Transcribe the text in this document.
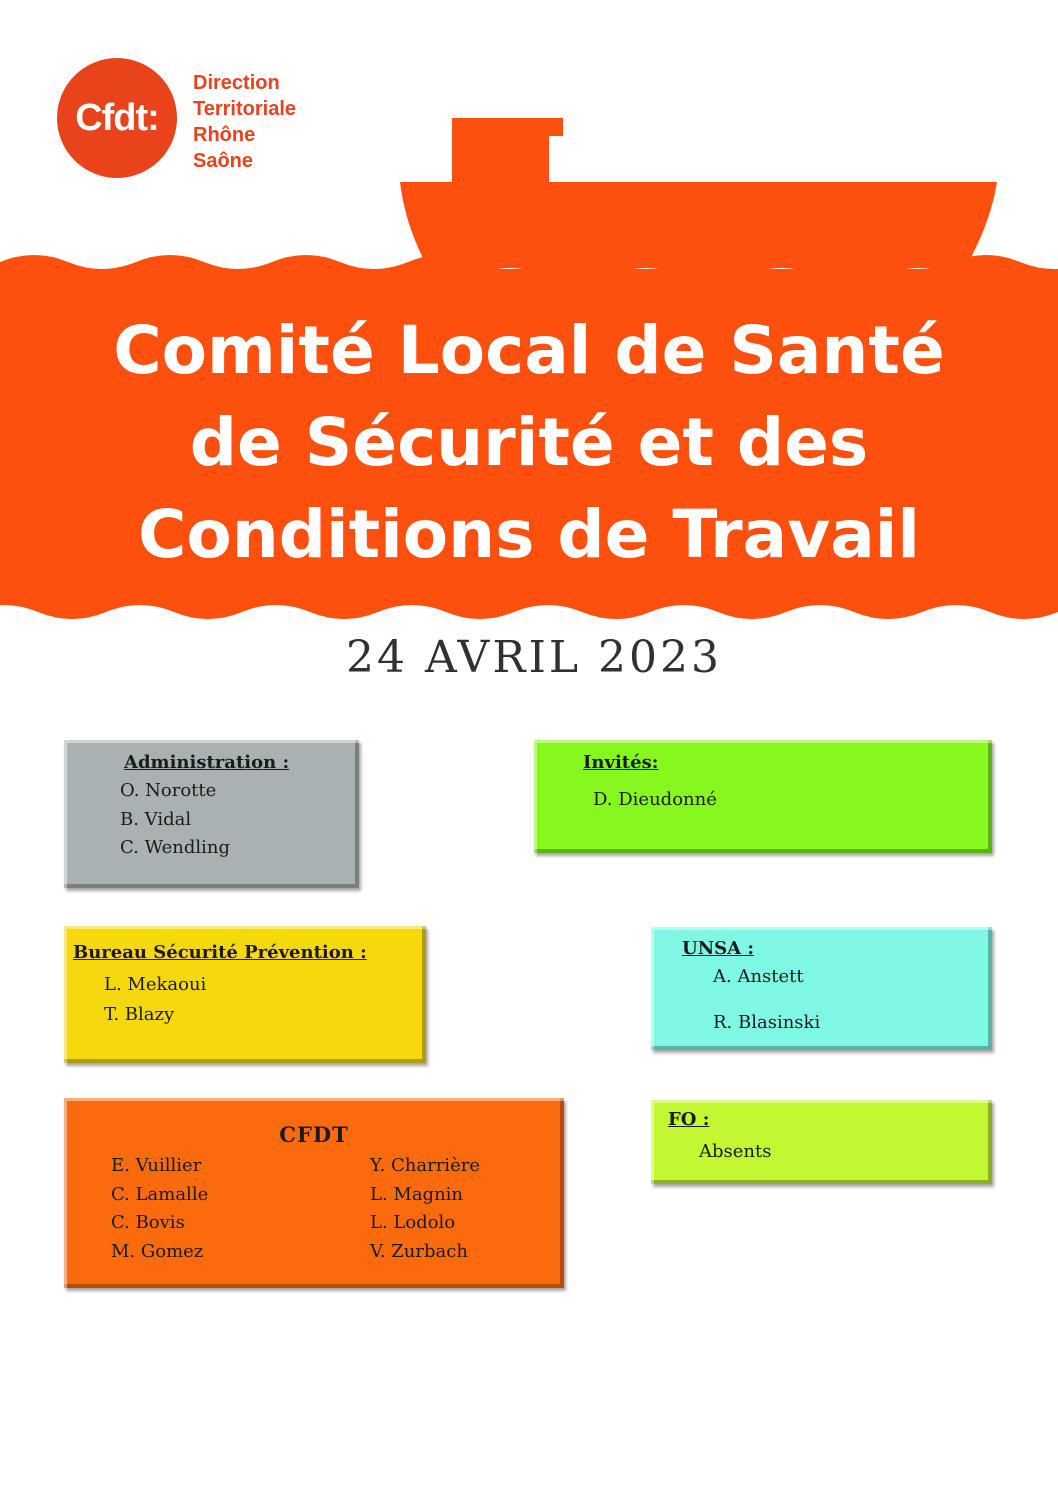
Cfdt:
Direction
Territoriale
Rhône
Saône
Comité Local de Santé
de Sécurité et des
Conditions de Travail
24 AVRIL 2023
Administration :
O. Norotte
B. Vidal
C. Wendling
Invités:
D. Dieudonné
Bureau Sécurité Prévention :
L. Mekaoui
T. Blazy
UNSA :
A. Anstett
R. Blasinski
CFDT
E. Vuillier
C. Lamalle
C. Bovis
M. Gomez
Y. Charrière
L. Magnin
L. Lodolo
V. Zurbach
FO :
Absents
